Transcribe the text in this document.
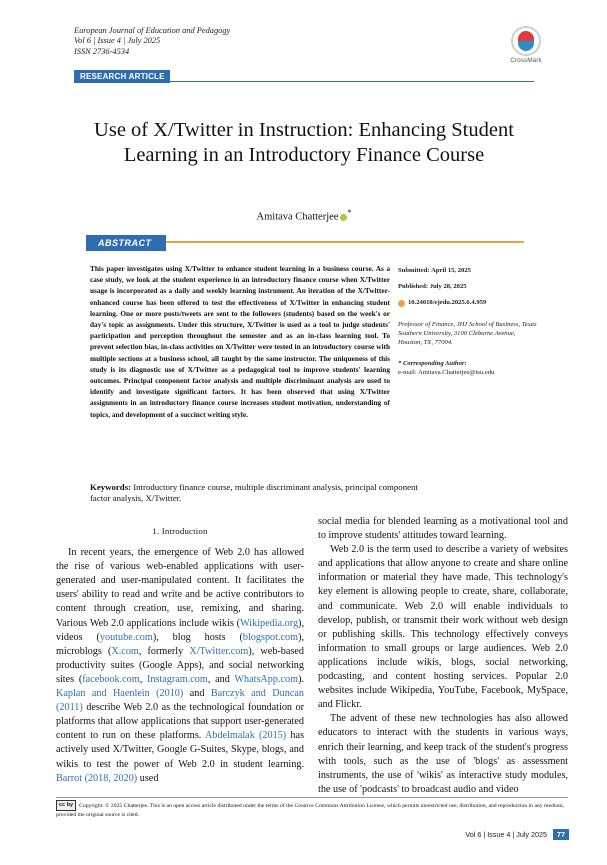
European Journal of Education and Pedagogy
Vol 6 | Issue 4 | July 2025
ISSN 2736-4534
CrossMark
RESEARCH ARTICLE
Use of X/Twitter in Instruction: Enhancing Student Learning in an Introductory Finance Course
Amitava Chatterjee *
ABSTRACT
This paper investigates using X/Twitter to enhance student learning in a business course. As a case study, we look at the student experience in an introductory finance course when X/Twitter usage is incorporated as a daily and weekly learning instrument. An iteration of the X/Twitter-enhanced course has been offered to test the effectiveness of X/Twitter in enhancing student learning. One or more posts/tweets are sent to the followers (students) based on the week's or day's topic as assignments. Under this structure, X/Twitter is used as a tool to judge students' participation and perception throughout the semester and as an in-class learning tool. To prevent selection bias, in-class activities on X/Twitter were tested in an introductory course with multiple sections at a business school, all taught by the same instructor. The uniqueness of this study is its diagnostic use of X/Twitter as a pedagogical tool to improve students' learning outcomes. Principal component factor analysis and multiple discriminant analysis are used to identify and investigate significant factors. It has been observed that using X/Twitter assignments in an introductory finance course increases student motivation, understanding of topics, and development of a succinct writing style.
Submitted: April 15, 2025
Published: July 28, 2025
10.24018/ejedu.2025.6.4.959
Professor of Finance, JHJ School of Business, Texas Southern University, 3100 Cleburne Avenue, Houston, TX, 77004.
* Corresponding Author:
e-mail: Amitava.Chatterjee@tsu.edu
Keywords: Introductory finance course, multiple discriminant analysis, principal component factor analysis, X/Twitter.
1. Introduction

In recent years, the emergence of Web 2.0 has allowed the rise of various web-enabled applications with user-generated and user-manipulated content. It facilitates the users' ability to read and write and be active contributors to content through creation, use, remixing, and sharing. Various Web 2.0 applications include wikis (Wikipedia.org), videos (youtube.com), blog hosts (blogspot.com), microblogs (X.com, formerly X/Twitter.com), web-based productivity suites (Google Apps), and social networking sites (facebook.com, Instagram.com, and WhatsApp.com). Kaplan and Haenlein (2010) and Barczyk and Duncan (2011) describe Web 2.0 as the technological foundation or platforms that allow applications that support user-generated content to run on these platforms. Abdelmalak (2015) has actively used X/Twitter, Google G-Suites, Skype, blogs, and wikis to test the power of Web 2.0 in student learning. Barrot (2018, 2020) used

social media for blended learning as a motivational tool and to improve students' attitudes toward learning.

Web 2.0 is the term used to describe a variety of websites and applications that allow anyone to create and share online information or material they have made. This technology's key element is allowing people to create, share, collaborate, and communicate. Web 2.0 will enable individuals to develop, publish, or transmit their work without web design or publishing skills. This technology effectively conveys information to small groups or large audiences. Web 2.0 applications include wikis, blogs, social networking, podcasting, and content hosting services. Popular 2.0 websites include Wikipedia, YouTube, Facebook, MySpace, and Flickr.

The advent of these new technologies has also allowed educators to interact with the students in various ways, enrich their learning, and keep track of the student's progress with tools, such as the use of 'blogs' as assessment instruments, the use of 'wikis' as interactive study modules, the use of 'podcasts' to broadcast audio and video

cc by Copyright: © 2025 Chatterjee. This is an open access article distributed under the terms of the Creative Commons Attribution License, which permits unrestricted use, distribution, and reproduction in any medium, provided the original source is cited.
Vol 6 | Issue 4 | July 2025	77
